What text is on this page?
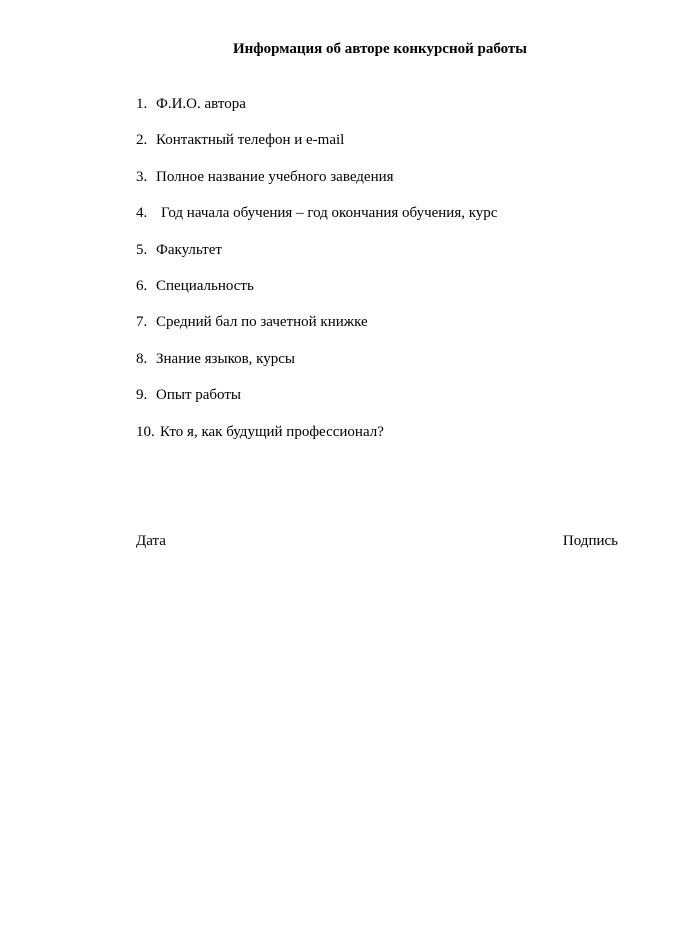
Информация об авторе конкурсной работы
1. Ф.И.О. автора
2. Контактный телефон и e-mail
3. Полное название учебного заведения
4. Год начала обучения – год окончания обучения, курс
5. Факультет
6. Специальность
7. Средний бал по зачетной книжке
8. Знание языков, курсы
9. Опыт работы
10. Кто я, как будущий профессионал?
Дата	Подпись
